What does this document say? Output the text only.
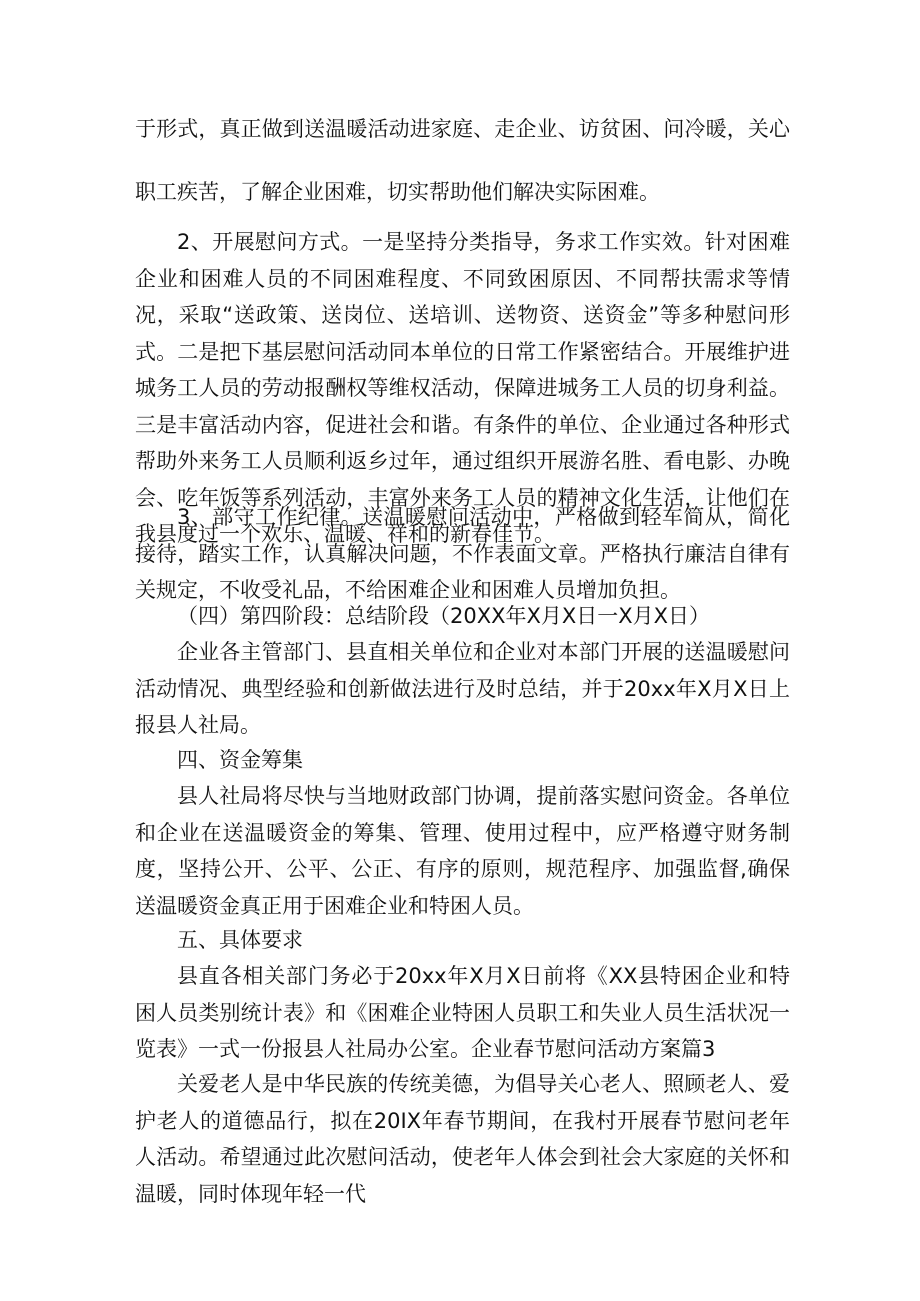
于形式，真正做到送温暖活动进家庭、走企业、访贫困、问冷暖，关心职工疾苦，了解企业困难，切实帮助他们解决实际困难。

2、开展慰问方式。一是坚持分类指导，务求工作实效。针对困难企业和困难人员的不同困难程度、不同致困原因、不同帮扶需求等情况，采取“送政策、送岗位、送培训、送物资、送资金”等多种慰问形式。二是把下基层慰问活动同本单位的日常工作紧密结合。开展维护进城务工人员的劳动报酬权等维权活动，保障进城务工人员的切身利益。三是丰富活动内容，促进社会和谐。有条件的单位、企业通过各种形式帮助外来务工人员顺利返乡过年，通过组织开展游名胜、看电影、办晚会、吃年饭等系列活动，丰富外来务工人员的精神文化生活，让他们在我县度过一个欢乐、温暖、祥和的新春佳节。

3、部守工作纪律。送温暖慰问活动中，严格做到轻车简从，简化接待，踏实工作，认真解决问题，不作表面文章。严格执行廉洁自律有关规定，不收受礼品，不给困难企业和困难人员增加负担。

（四）第四阶段：总结阶段（20XX年X月X日一X月X日）

企业各主管部门、县直相关单位和企业对本部门开展的送温暖慰问活动情况、典型经验和创新做法进行及时总结，并于20xx年X月X日上报县人社局。

四、资金筹集

县人社局将尽快与当地财政部门协调，提前落实慰问资金。各单位和企业在送温暖资金的筹集、管理、使用过程中，应严格遵守财务制度，坚持公开、公平、公正、有序的原则，规范程序、加强监督,确保送温暖资金真正用于困难企业和特困人员。

五、具体要求

县直各相关部门务必于20xx年X月X日前将《XX县特困企业和特困人员类别统计表》和《困难企业特困人员职工和失业人员生活状况一览表》一式一份报县人社局办公室。企业春节慰问活动方案篇3

关爱老人是中华民族的传统美德，为倡导关心老人、照顾老人、爱护老人的道德品行，拟在20IX年春节期间，在我村开展春节慰问老年人活动。希望通过此次慰问活动，使老年人体会到社会大家庭的关怀和温暖，同时体现年轻一代
